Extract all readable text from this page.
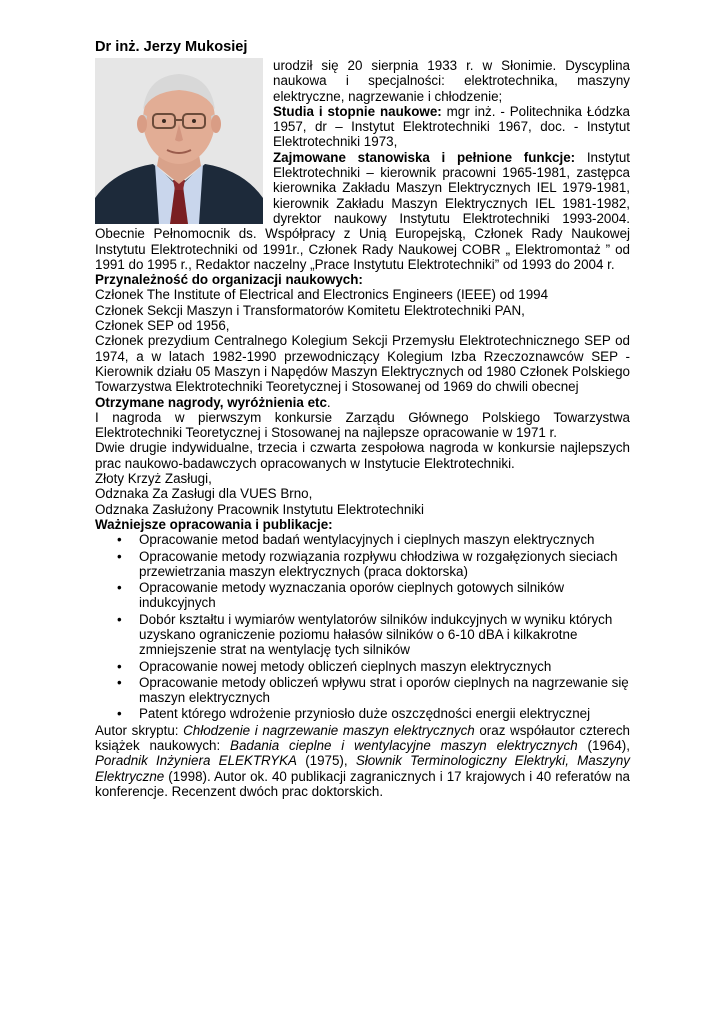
Dr inż. Jerzy Mukosiej

urodził się 20 sierpnia 1933 r. w Słonimie. Dyscyplina naukowa i specjalności: elektrotechnika, maszyny elektryczne, nagrzewanie i chłodzenie;

Studia i stopnie naukowe: mgr inż. - Politechnika Łódzka 1957, dr – Instytut Elektrotechniki 1967, doc. - Instytut Elektrotechniki 1973,

Zajmowane stanowiska i pełnione funkcje: Instytut Elektrotechniki – kierownik pracowni 1965-1981, zastępca kierownika Zakładu Maszyn Elektrycznych IEL 1979-1981, kierownik Zakładu Maszyn Elektrycznych IEL 1981-1982, dyrektor naukowy Instytutu Elektrotechniki 1993-2004. Obecnie Pełnomocnik ds. Współpracy z Unią Europejską, Członek Rady Naukowej Instytutu Elektrotechniki od 1991r., Członek Rady Naukowej COBR „ Elektromontaż ” od 1991 do 1995 r., Redaktor naczelny „Prace Instytutu Elektrotechniki” od 1993 do 2004 r.

Przynależność do organizacji naukowych:

Członek The Institute of Electrical and Electronics Engineers (IEEE) od 1994

Członek Sekcji Maszyn i Transformatorów Komitetu Elektrotechniki PAN,

Członek SEP od 1956,

Członek prezydium Centralnego Kolegium Sekcji Przemysłu Elektrotechnicznego SEP od 1974, a w latach 1982-1990 przewodniczący Kolegium Izba Rzeczoznawców SEP - Kierownik działu 05 Maszyn i Napędów Maszyn Elektrycznych od 1980 Członek Polskiego Towarzystwa Elektrotechniki Teoretycznej i Stosowanej od 1969 do chwili obecnej

Otrzymane nagrody, wyróżnienia etc.

I nagroda w pierwszym konkursie Zarządu Głównego Polskiego Towarzystwa Elektrotechniki Teoretycznej i Stosowanej na najlepsze opracowanie w 1971 r.

Dwie drugie indywidualne, trzecia i czwarta zespołowa nagroda w konkursie najlepszych prac naukowo-badawczych opracowanych w Instytucie Elektrotechniki.

Złoty Krzyż Zasługi,

Odznaka Za Zasługi dla VUES Brno,

Odznaka Zasłużony Pracownik Instytutu Elektrotechniki

Ważniejsze opracowania i publikacje:

• Opracowanie metod badań wentylacyjnych i cieplnych maszyn elektrycznych
• Opracowanie metody rozwiązania rozpływu chłodziwa w rozgałęzionych sieciach przewietrzania maszyn elektrycznych (praca doktorska)
• Opracowanie metody wyznaczania oporów cieplnych gotowych silników indukcyjnych
• Dobór kształtu i wymiarów wentylatorów silników indukcyjnych w wyniku których uzyskano ograniczenie poziomu hałasów silników o 6-10 dBA i kilkakrotne zmniejszenie strat na wentylację tych silników
• Opracowanie nowej metody obliczeń cieplnych maszyn elektrycznych
• Opracowanie metody obliczeń wpływu strat i oporów cieplnych na nagrzewanie się maszyn elektrycznych
• Patent którego wdrożenie przyniosło duże oszczędności energii elektrycznej

Autor skryptu: Chłodzenie i nagrzewanie maszyn elektrycznych oraz współautor czterech książek naukowych: Badania cieplne i wentylacyjne maszyn elektrycznych (1964), Poradnik Inżyniera ELEKTRYKA (1975), Słownik Terminologiczny Elektryki, Maszyny Elektryczne (1998). Autor ok. 40 publikacji zagranicznych i 17 krajowych i 40 referatów na konferencje. Recenzent dwóch prac doktorskich.
